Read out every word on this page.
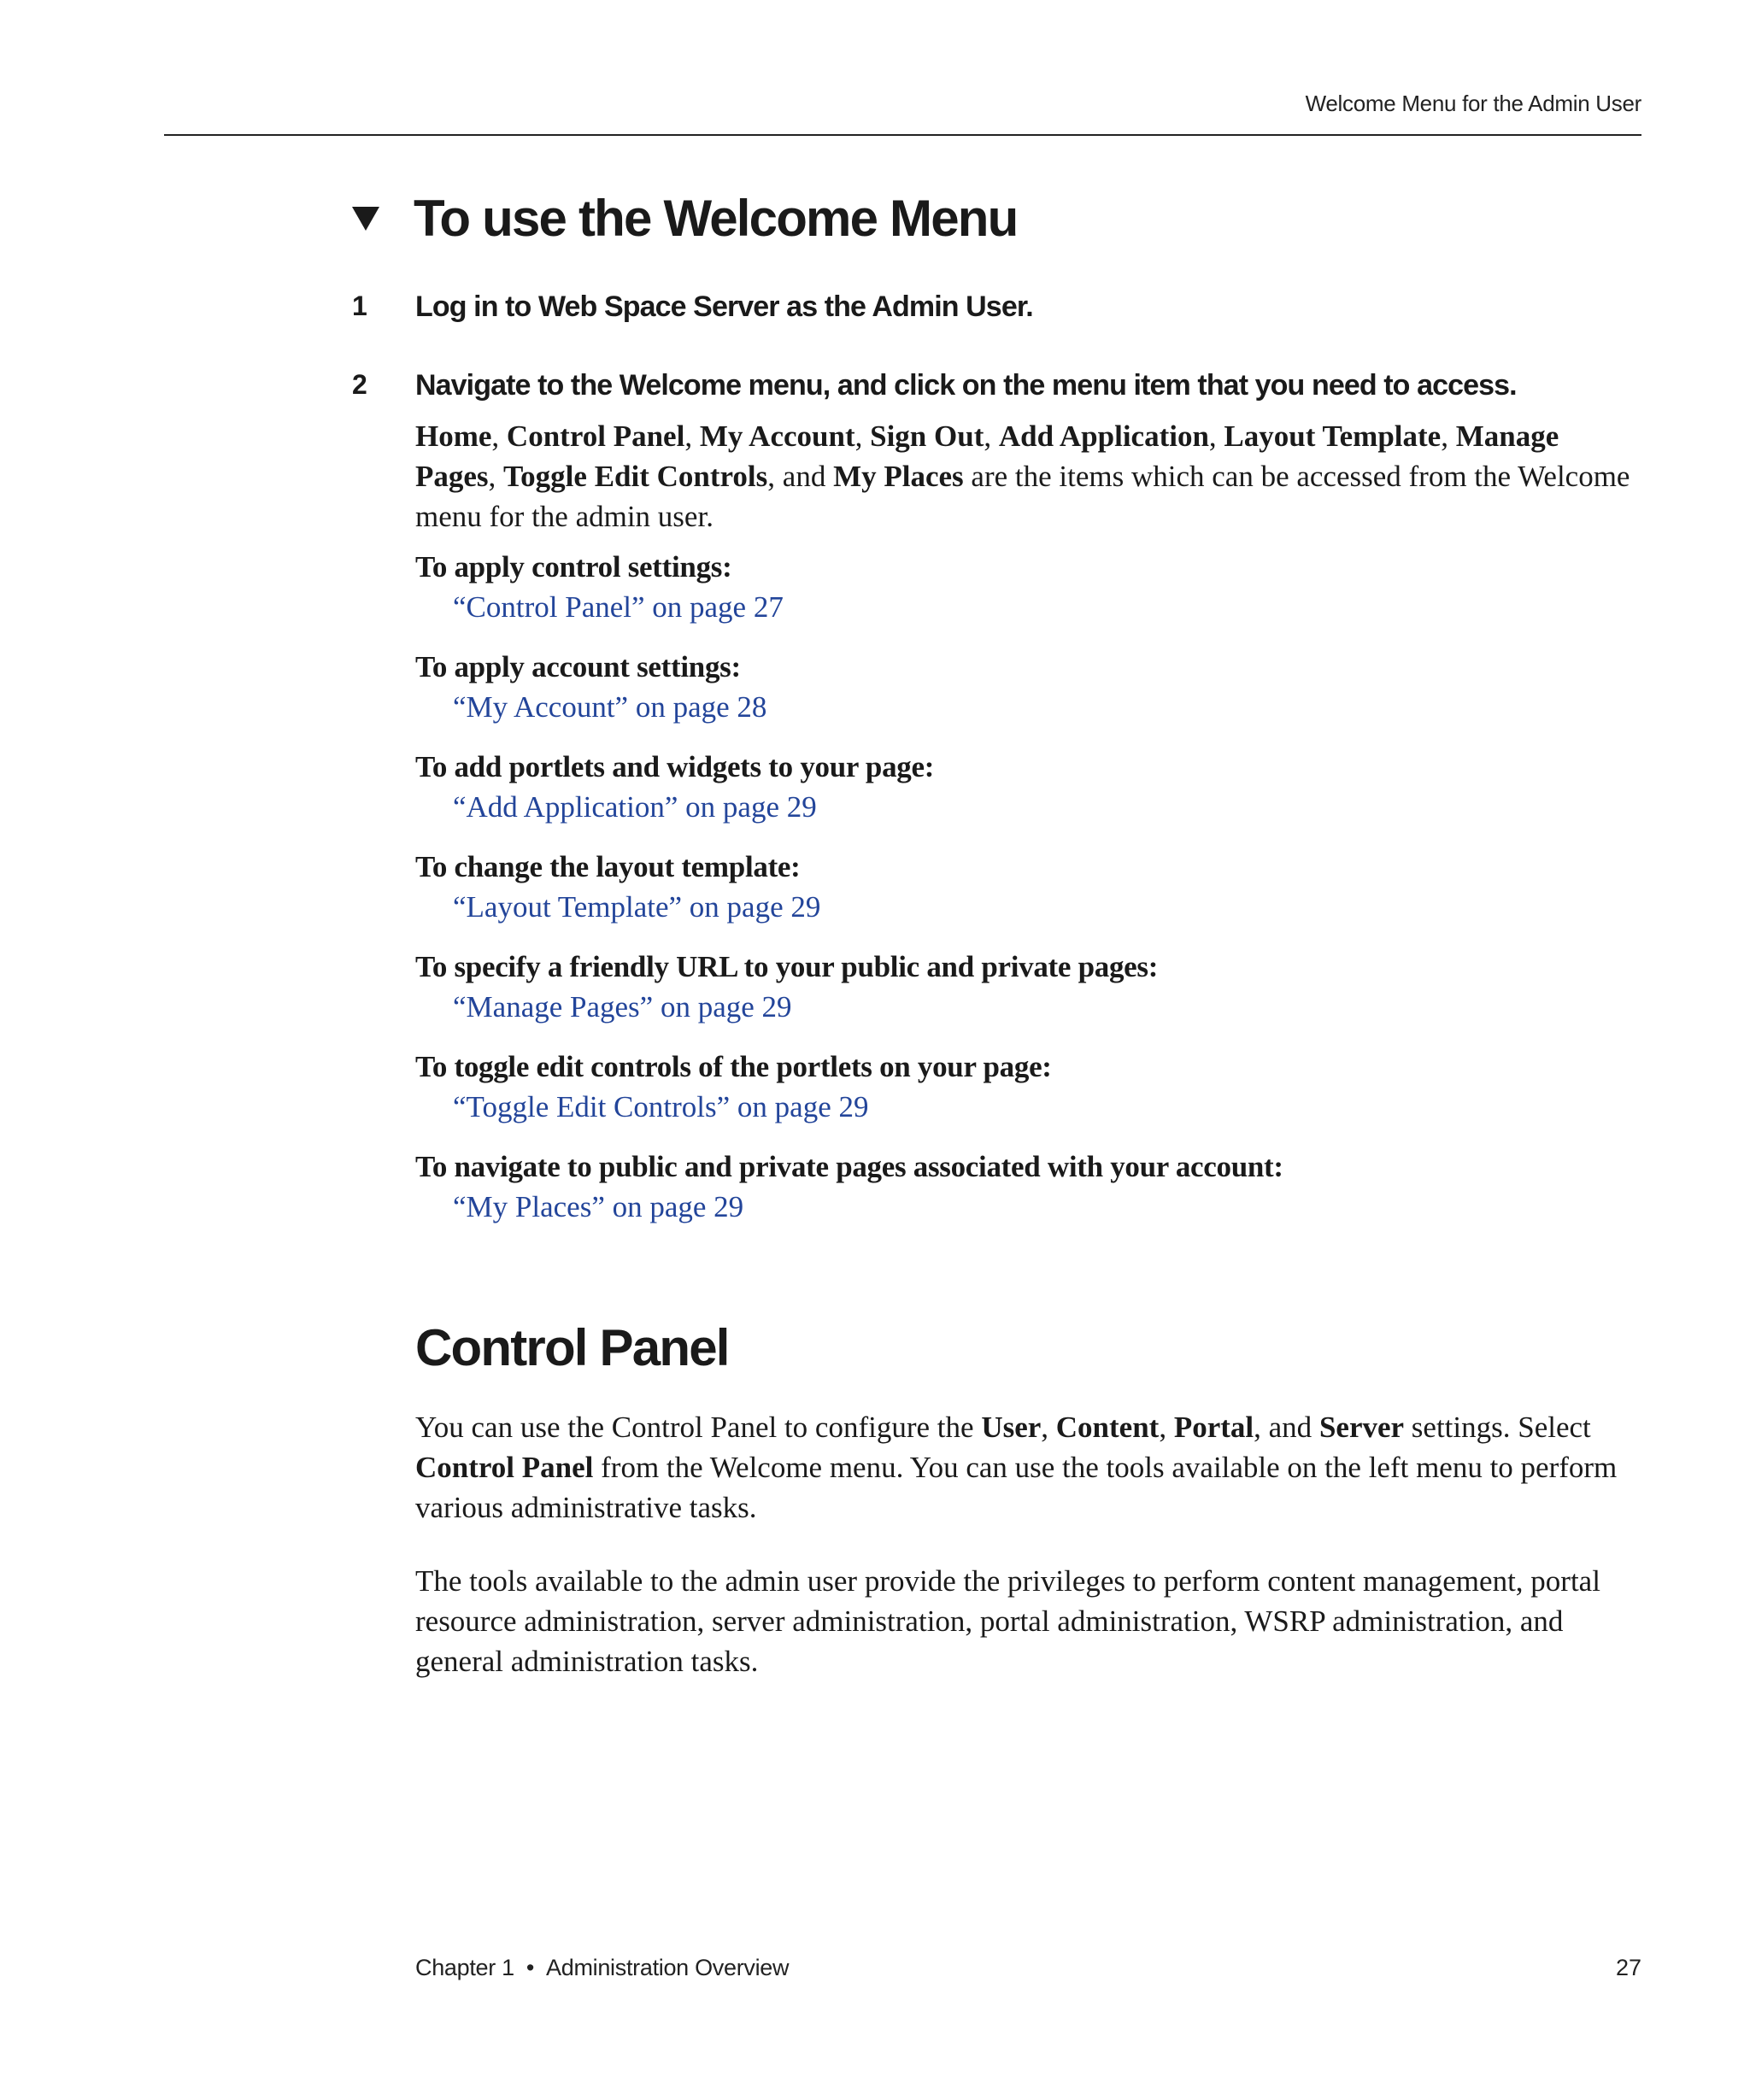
Welcome Menu for the Admin User
To use the Welcome Menu
1	Log in to Web Space Server as the Admin User.
2	Navigate to the Welcome menu, and click on the menu item that you need to access.
Home, Control Panel, My Account, Sign Out, Add Application, Layout Template, Manage Pages, Toggle Edit Controls, and My Places are the items which can be accessed from the Welcome menu for the admin user.
To apply control settings:
“Control Panel” on page 27
To apply account settings:
“My Account” on page 28
To add portlets and widgets to your page:
“Add Application” on page 29
To change the layout template:
“Layout Template” on page 29
To specify a friendly URL to your public and private pages:
“Manage Pages” on page 29
To toggle edit controls of the portlets on your page:
“Toggle Edit Controls” on page 29
To navigate to public and private pages associated with your account:
“My Places” on page 29
Control Panel
You can use the Control Panel to configure the User, Content, Portal, and Server settings. Select Control Panel from the Welcome menu. You can use the tools available on the left menu to perform various administrative tasks.
The tools available to the admin user provide the privileges to perform content management, portal resource administration, server administration, portal administration, WSRP administration, and general administration tasks.
Chapter 1 • Administration Overview	27
